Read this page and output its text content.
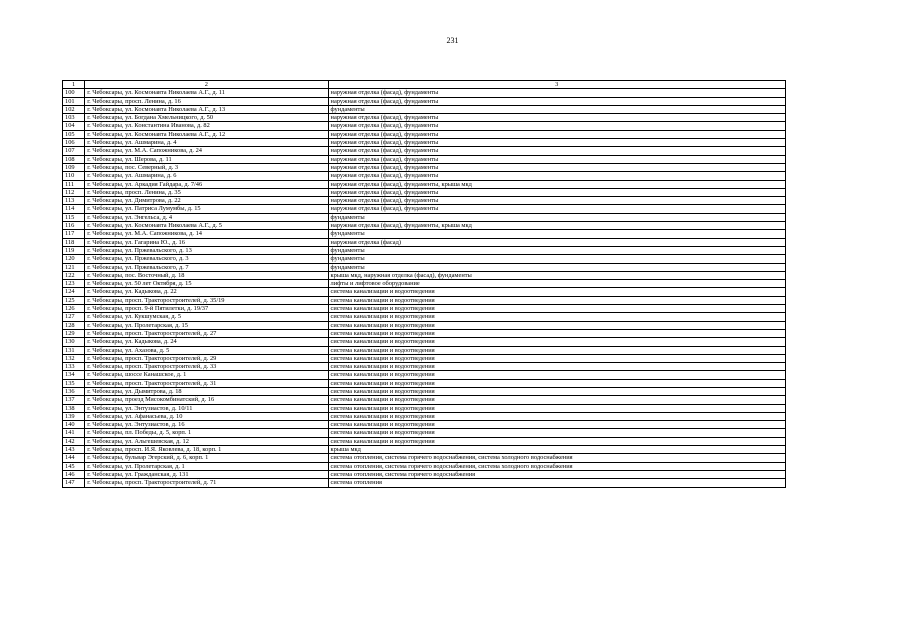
231
1	2	3
100	г. Чебоксары, ул. Космонавта Николаева А.Г., д. 11	наружная отделка (фасад), фундаменты
101	г. Чебоксары, просп. Ленина, д. 16	наружная отделка (фасад), фундаменты
102	г. Чебоксары, ул. Космонавта Николаева А.Г., д. 13	фундаменты
103	г. Чебоксары, ул. Богдана Хмельницкого, д. 50	наружная отделка (фасад), фундаменты
104	г. Чебоксары, ул. Константина Иванова, д. 82	наружная отделка (фасад), фундаменты
105	г. Чебоксары, ул. Космонавта Николаева А.Г., д. 12	наружная отделка (фасад), фундаменты
106	г. Чебоксары, ул. Ашмарина, д. 4	наружная отделка (фасад), фундаменты
107	г. Чебоксары, ул. М.А. Сапожникова, д. 24	наружная отделка (фасад), фундаменты
108	г. Чебоксары, ул. Шерова, д. 11	наружная отделка (фасад), фундаменты
109	г. Чебоксары, пос. Северный, д. 3	наружная отделка (фасад), фундаменты
110	г. Чебоксары, ул. Ашмарина, д. 6	наружная отделка (фасад), фундаменты
111	г. Чебоксары, ул. Аркадия Гайдара, д. 7/46	наружная отделка (фасад), фундаменты, крыша мкд
112	г. Чебоксары, просп. Ленина, д. 35	наружная отделка (фасад), фундаменты
113	г. Чебоксары, ул. Димитрова, д. 22	наружная отделка (фасад), фундаменты
114	г. Чебоксары, ул. Патриса Лумумбы, д. 15	наружная отделка (фасад), фундаменты
115	г. Чебоксары, ул. Энгельса, д. 4	фундаменты
116	г. Чебоксары, ул. Космонавта Николаева А.Г., д. 5	наружная отделка (фасад), фундаменты, крыша мкд
117	г. Чебоксары, ул. М.А. Сапожникова, д. 14	фундаменты
118	г. Чебоксары, ул. Гагарина Ю., д. 16	наружная отделка (фасад)
119	г. Чебоксары, ул. Пржевальского, д. 13	фундаменты
120	г. Чебоксары, ул. Пржевальского, д. 3	фундаменты
121	г. Чебоксары, ул. Пржевальского, д. 7	фундаменты
122	г. Чебоксары, пос. Восточный, д. 18	крыша мкд, наружная отделка (фасад), фундаменты
123	г. Чебоксары, ул. 50 лет Октября, д. 15	лифты и лифтовое оборудование
124	г. Чебоксары, ул. Кадыкова, д. 22	система канализации и водоотведения
125	г. Чебоксары, просп. Тракторостроителей, д. 35/19	система канализации и водоотведения
126	г. Чебоксары, просп. 9-й Пятилетки, д. 19/37	система канализации и водоотведения
127	г. Чебоксары, ул. Кукшумская, д. 5	система канализации и водоотведения
128	г. Чебоксары, ул. Пролетарская, д. 15	система канализации и водоотведения
129	г. Чебоксары, просп. Тракторостроителей, д. 27	система канализации и водоотведения
130	г. Чебоксары, ул. Кадыкова, д. 24	система канализации и водоотведения
131	г. Чебоксары, ул. Ахазова, д. 5	система канализации и водоотведения
132	г. Чебоксары, просп. Тракторостроителей, д. 29	система канализации и водоотведения
133	г. Чебоксары, просп. Тракторостроителей, д. 33	система канализации и водоотведения
134	г. Чебоксары, шоссе Канашское, д. 1	система канализации и водоотведения
135	г. Чебоксары, просп. Тракторостроителей, д. 31	система канализации и водоотведения
136	г. Чебоксары, ул. Дымитрова, д. 18	система канализации и водоотведения
137	г. Чебоксары, проезд Мясокомбинатский, д. 16	система канализации и водоотведения
138	г. Чебоксары, ул. Энтузиастов, д. 10/11	система канализации и водоотведения
139	г. Чебоксары, ул. Афанасьева, д. 10	система канализации и водоотведения
140	г. Чебоксары, ул. Энтузиастов, д. 16	система канализации и водоотведения
141	г. Чебоксары, пл. Победы, д. 5, корп. 1	система канализации и водоотведения
142	г. Чебоксары, ул. Альгешевская, д. 12	система канализации и водоотведения
143	г. Чебоксары, просп. И.Я. Яковлева, д. 18, корп. 1	крыша мкд
144	г. Чебоксары, бульвар Эгерский, д. 6, корп. 1	система отопления, система горячего водоснабжения, система холодного водоснабжения
145	г. Чебоксары, ул. Пролетарская, д. 1	система отопления, система горячего водоснабжения, система холодного водоснабжения
146	г. Чебоксары, ул. Гражданская, д. 131	система отопления, система горячего водоснабжения
147	г. Чебоксары, просп. Тракторостроителей, д. 71	система отопления
